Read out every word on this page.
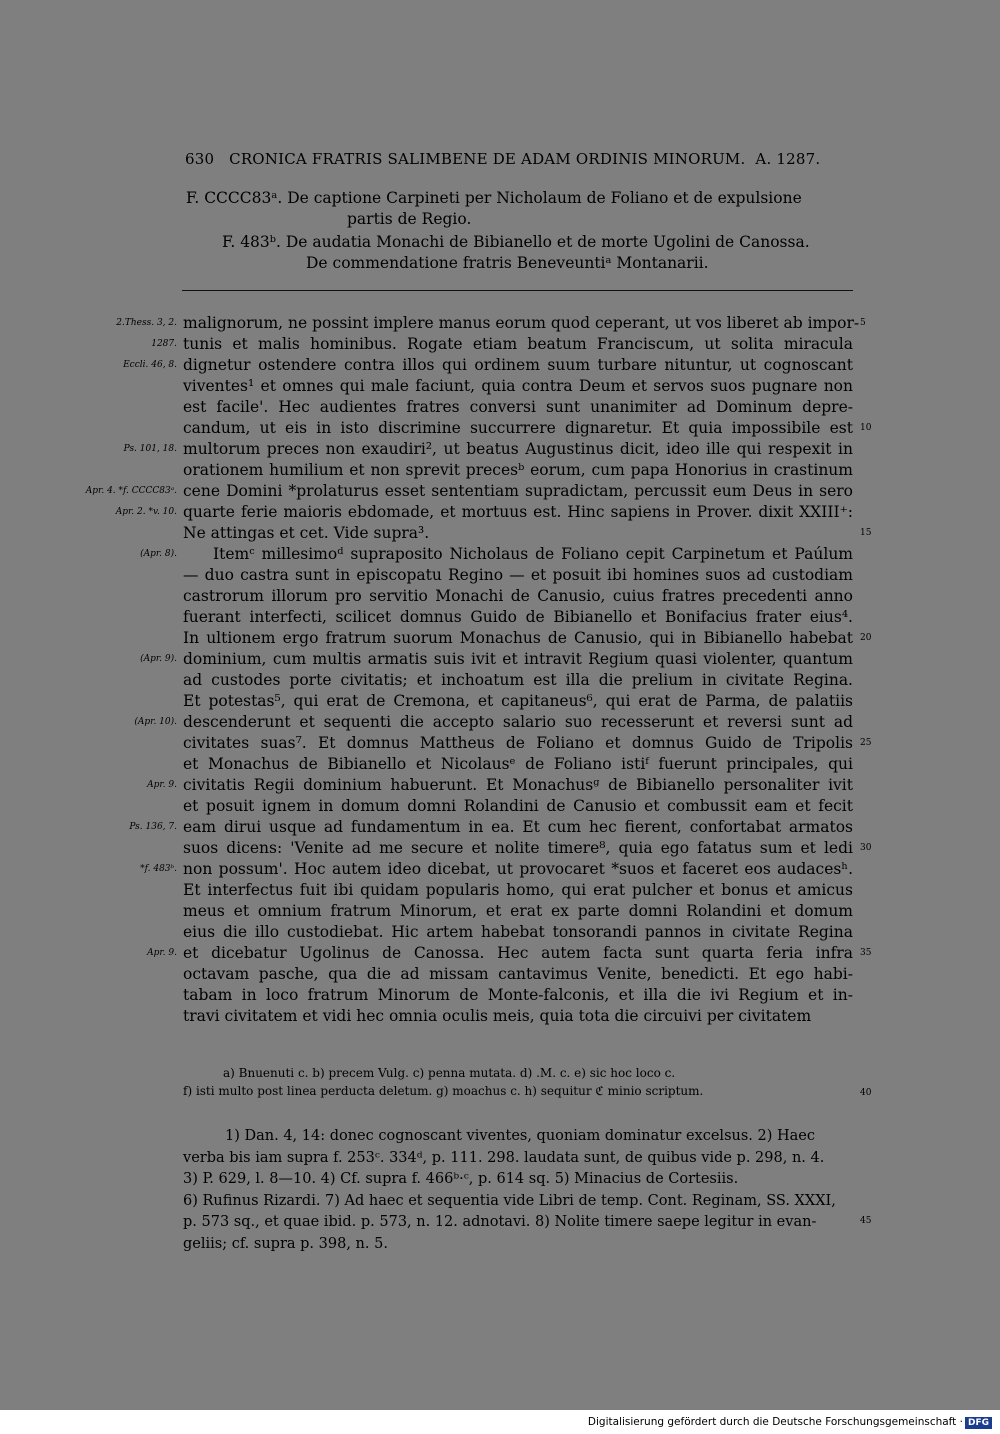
630 CRONICA FRATRIS SALIMBENE DE ADAM ORDINIS MINORUM. A. 1287.
F. CCCC83ᵃ. De captione Carpineti per Nicholaum de Foliano et de expulsione
partis de Regio.
F. 483ᵇ. De audatia Monachi de Bibianello et de morte Ugolini de Canossa.
De commendatione fratris Beneveuntiᵃ Montanarii.
malignorum, ne possint implere manus eorum quod ceperant, ut vos liberet ab impor-
tunis et malis hominibus. Rogate etiam beatum Franciscum, ut solita miracula
dignetur ostendere contra illos qui ordinem suum turbare nituntur, ut cognoscant
viventes¹ et omnes qui male faciunt, quia contra Deum et servos suos pugnare non
est facile'. Hec audientes fratres conversi sunt unanimiter ad Dominum depre-
candum, ut eis in isto discrimine succurrere dignaretur. Et quia impossibile est
multorum preces non exaudiri², ut beatus Augustinus dicit, ideo ille qui respexit in
orationem humilium et non sprevit precesᵇ eorum, cum papa Honorius in crastinum
cene Domini *prolaturus esset sententiam supradictam, percussit eum Deus in sero
quarte ferie maioris ebdomade, et mortuus est. Hinc sapiens in Prover. dixit XXIII⁺:
Ne attingas et cet. Vide supra³.
Itemᶜ millesimoᵈ supraposito Nicholaus de Foliano cepit Carpinetum et Paúlum
— duo castra sunt in episcopatu Regino — et posuit ibi homines suos ad custodiam
castrorum illorum pro servitio Monachi de Canusio, cuius fratres precedenti anno
fuerant interfecti, scilicet domnus Guido de Bibianello et Bonifacius frater eius⁴.
In ultionem ergo fratrum suorum Monachus de Canusio, qui in Bibianello habebat
dominium, cum multis armatis suis ivit et intravit Regium quasi violenter, quantum
ad custodes porte civitatis; et inchoatum est illa die prelium in civitate Regina.
Et potestas⁵, qui erat de Cremona, et capitaneus⁶, qui erat de Parma, de palatiis
descenderunt et sequenti die accepto salario suo recesserunt et reversi sunt ad
civitates suas⁷. Et domnus Mattheus de Foliano et domnus Guido de Tripolis
et Monachus de Bibianello et Nicolausᵉ de Foliano istiᶠ fuerunt principales, qui
civitatis Regii dominium habuerunt. Et Monachusᵍ de Bibianello personaliter ivit
et posuit ignem in domum domni Rolandini de Canusio et combussit eam et fecit
eam dirui usque ad fundamentum in ea. Et cum hec fierent, confortabat armatos
suos dicens: 'Venite ad me secure et nolite timere⁸, quia ego fatatus sum et ledi
non possum'. Hoc autem ideo dicebat, ut provocaret *suos et faceret eos audacesʰ.
Et interfectus fuit ibi quidam popularis homo, qui erat pulcher et bonus et amicus
meus et omnium fratrum Minorum, et erat ex parte domni Rolandini et domum
eius die illo custodiebat. Hic artem habebat tonsorandi pannos in civitate Regina
et dicebatur Ugolinus de Canossa. Hec autem facta sunt quarta feria infra
octavam pasche, qua die ad missam cantavimus Venite, benedicti. Et ego habi-
tabam in loco fratrum Minorum de Monte-falconis, et illa die ivi Regium et in-
travi civitatem et vidi hec omnia oculis meis, quia tota die circuivi per civitatem
2.Thess. 3, 2.
1287.
Eccli. 46, 8.
Ps. 101, 18.
Apr. 4. *f. CCCC83ᵃ.
Apr. 2. *v. 10.
(Apr. 8).
(Apr. 9).
(Apr. 10).
Apr. 9.
Ps. 136, 7.
*f. 483ᵇ.
Apr. 9.
5
10
15
20
25
30
35
a) Bnuenuti c. b) precem Vulg. c) penna mutata. d) .M. c. e) sic hoc loco c.
f) isti multo post linea perducta deletum. g) moachus c. h) sequitur ℭ minio scriptum.	40
1) Dan. 4, 14: donec cognoscant viventes, quoniam dominatur excelsus. 2) Haec
verba bis iam supra f. 253ᶜ. 334ᵈ, p. 111. 298. laudata sunt, de quibus vide p. 298, n. 4.
3) P. 629, l. 8—10. 4) Cf. supra f. 466ᵇ·ᶜ, p. 614 sq. 5) Minacius de Cortesiis.
6) Rufinus Rizardi. 7) Ad haec et sequentia vide Libri de temp. Cont. Reginam, SS. XXXI,
p. 573 sq., et quae ibid. p. 573, n. 12. adnotavi. 8) Nolite timere saepe legitur in evan-
geliis; cf. supra p. 398, n. 5.
45
Digitalisierung gefördert durch die Deutsche Forschungsgemeinschaft · DFG
